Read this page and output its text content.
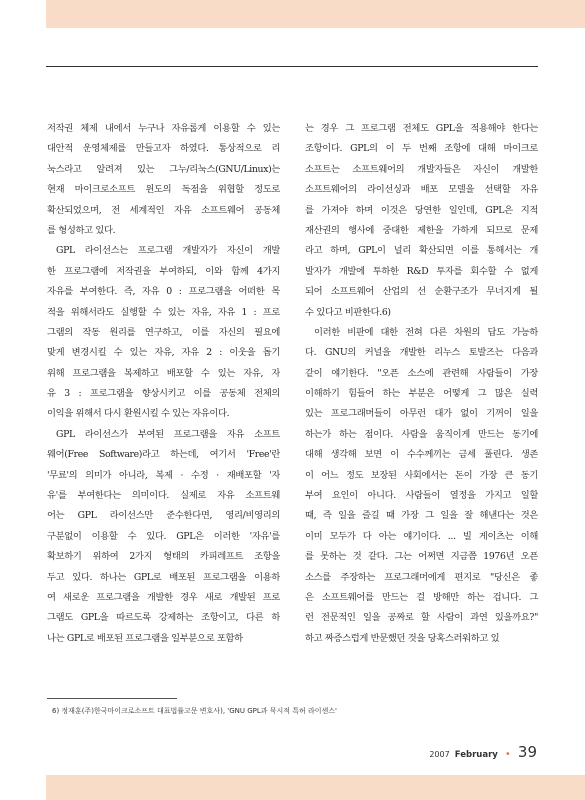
저작권 체제 내에서 누구나 자유롭게 이용할 수 있는
대안적 운영체제를 만들고자 하였다. 통상적으로 리
눅스라고 알려져 있는 그누/리눅스(GNU/Linux)는
현재 마이크로소프트 윈도의 독점을 위협할 정도로
확산되었으며, 전 세계적인 자유 소프트웨어 공동체
를 형성하고 있다.
GPL 라이선스는 프로그램 개발자가 자신이 개발
한 프로그램에 저작권을 부여하되, 이와 함께 4가지
자유를 부여한다. 즉, 자유 0 : 프로그램을 어떠한 목
적을 위해서라도 실행할 수 있는 자유, 자유 1 : 프로
그램의 작동 원리를 연구하고, 이를 자신의 필요에
맞게 변경시킬 수 있는 자유, 자유 2 : 이웃을 돕기
위해 프로그램을 복제하고 배포할 수 있는 자유, 자
유 3 : 프로그램을 향상시키고 이를 공동체 전체의
이익을 위해서 다시 환원시킬 수 있는 자유이다.
GPL 라이선스가 부여된 프로그램을 자유 소프트
웨어(Free Software)라고 하는데, 여기서 'Free'란
'무료'의 의미가 아니라, 복제 · 수정 · 재배포할 '자
유'를 부여한다는 의미이다. 실제로 자유 소프트웨
어는 GPL 라이선스만 준수한다면, 영리/비영리의
구분없이 이용할 수 있다. GPL은 이러한 '자유'를
확보하기 위하여 2가지 형태의 카피레프트 조항을
두고 있다. 하나는 GPL로 배포된 프로그램을 이용하
여 새로운 프로그램을 개발한 경우 새로 개발된 프로
그램도 GPL을 따르도록 강제하는 조항이고, 다른 하
나는 GPL로 배포된 프로그램을 일부분으로 포함하
는 경우 그 프로그램 전체도 GPL을 적용해야 한다는
조항이다. GPL의 이 두 번째 조항에 대해 마이크로
소프트는 소프트웨어의 개발자들은 자신이 개발한
소프트웨어의 라이선싱과 배포 모델을 선택할 자유
를 가져야 하며 이것은 당연한 일인데, GPL은 지적
재산권의 행사에 중대한 제한을 가하게 되므로 문제
라고 하며, GPL이 널리 확산되면 이를 통해서는 개
발자가 개발에 투하한 R&D 투자를 회수할 수 없게
되어 소프트웨어 산업의 선 순환구조가 무너지게 될
수 있다고 비판한다.6)
이러한 비판에 대한 전혀 다른 차원의 답도 가능하
다. GNU의 커널을 개발한 리누스 토발즈는 다음과
같이 얘기한다. "오픈 소스에 관련해 사람들이 가장
이해하기 힘들어 하는 부분은 어떻게 그 많은 실력
있는 프로그래머들이 아무런 대가 없이 기꺼이 일을
하는가 하는 점이다. 사람을 움직이게 만드는 동기에
대해 생각해 보면 이 수수께끼는 금세 풀린다. 생존
이 어느 정도 보장된 사회에서는 돈이 가장 큰 동기
부여 요인이 아니다. 사람들이 열정을 가지고 일할
때, 즉 일을 즐길 때 가장 그 일을 잘 해낸다는 것은
이미 모두가 다 아는 얘기이다. ... 빌 게이츠는 이해
를 못하는 것 같다. 그는 어쩌면 지금쯤 1976년 오픈
소스를 주장하는 프로그래머에게 편지로 "당신은 좋
은 소프트웨어를 만드는 걸 방해만 하는 겁니다. 그
런 전문적인 일을 공짜로 할 사람이 과연 있을까요?"
하고 짜증스럽게 반문했던 것을 당혹스러워하고 있
6) 정재훈(주)한국마이크로소프트 대표법률고문 변호사), 'GNU GPL과 묵시적 특허 라이센스'
2007 February • 39
